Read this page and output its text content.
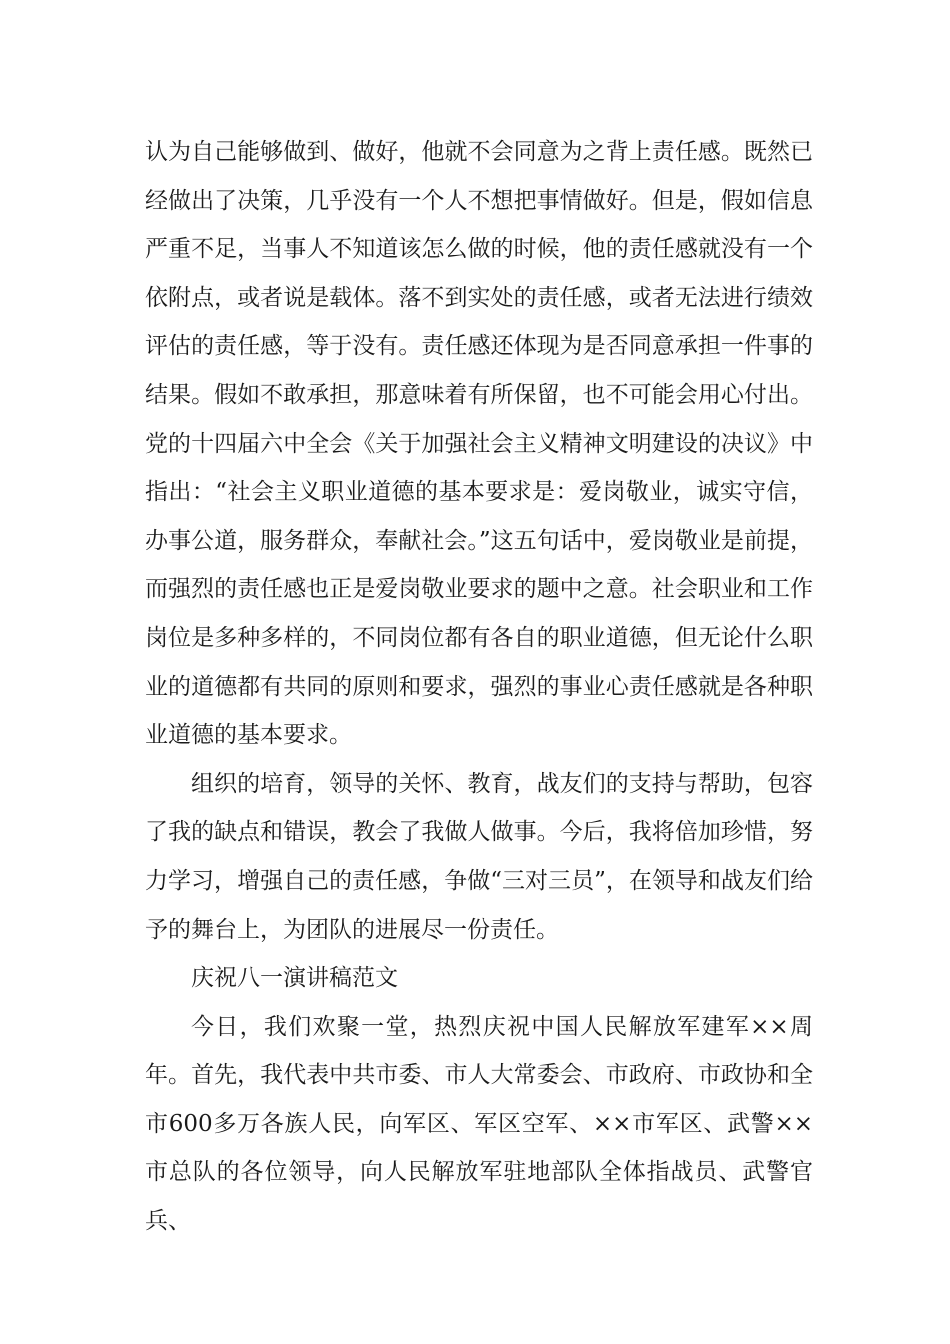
认为自己能够做到、做好，他就不会同意为之背上责任感。既然已经做出了决策，几乎没有一个人不想把事情做好。但是，假如信息严重不足，当事人不知道该怎么做的时候，他的责任感就没有一个依附点，或者说是载体。落不到实处的责任感，或者无法进行绩效评估的责任感，等于没有。责任感还体现为是否同意承担一件事的结果。假如不敢承担，那意味着有所保留，也不可能会用心付出。党的十四届六中全会《关于加强社会主义精神文明建设的决议》中指出：“社会主义职业道德的基本要求是：爱岗敬业，诚实守信，办事公道，服务群众，奉献社会。”这五句话中，爱岗敬业是前提，而强烈的责任感也正是爱岗敬业要求的题中之意。社会职业和工作岗位是多种多样的，不同岗位都有各自的职业道德，但无论什么职业的道德都有共同的原则和要求，强烈的事业心责任感就是各种职业道德的基本要求。

组织的培育，领导的关怀、教育，战友们的支持与帮助，包容了我的缺点和错误，教会了我做人做事。今后，我将倍加珍惜，努力学习，增强自己的责任感，争做“三对三员”，在领导和战友们给予的舞台上，为团队的进展尽一份责任。

庆祝八一演讲稿范文

今日，我们欢聚一堂，热烈庆祝中国人民解放军建军××周年。首先，我代表中共市委、市人大常委会、市政府、市政协和全市600多万各族人民，向军区、军区空军、××市军区、武警××市总队的各位领导，向人民解放军驻地部队全体指战员、武警官兵、
